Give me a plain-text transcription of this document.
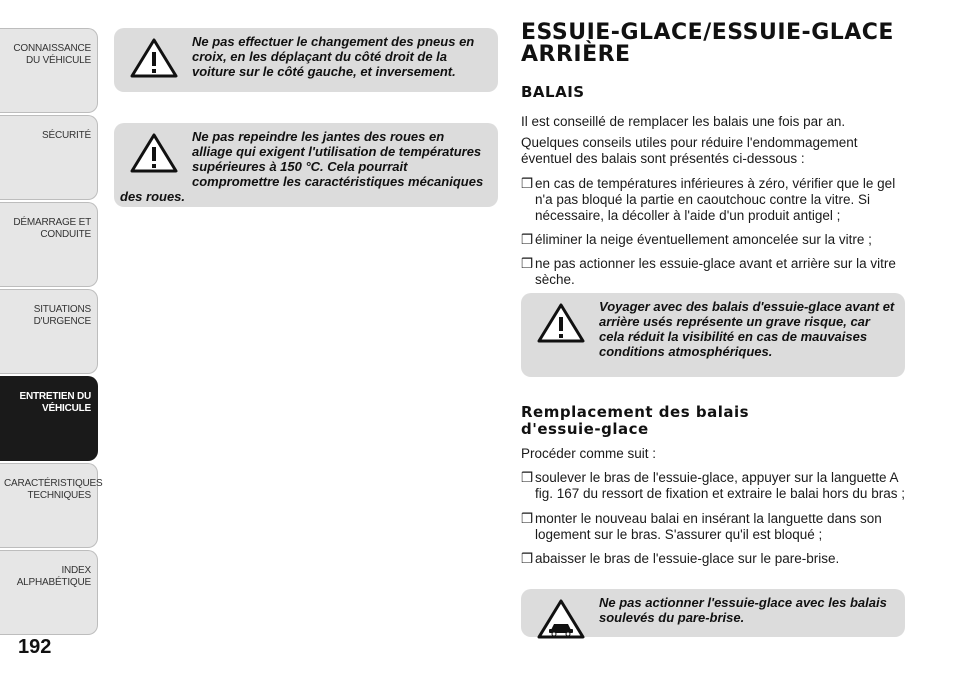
CONNAISSANCE DU VÉHICULE
SÉCURITÉ
DÉMARRAGE ET CONDUITE
SITUATIONS D'URGENCE
ENTRETIEN DU VÉHICULE
CARACTÉRISTIQUES TECHNIQUES
INDEX ALPHABÉTIQUE
192

Ne pas effectuer le changement des pneus en croix, en les déplaçant du côté droit de la voiture sur le côté gauche, et inversement.

Ne pas repeindre les jantes des roues en alliage qui exigent l'utilisation de températures supérieures à 150 °C. Cela pourrait compromettre les caractéristiques mécaniques des roues.

ESSUIE-GLACE/ESSUIE-GLACE ARRIÈRE
BALAIS

Il est conseillé de remplacer les balais une fois par an.

Quelques conseils utiles pour réduire l'endommagement éventuel des balais sont présentés ci-dessous :

❒ en cas de températures inférieures à zéro, vérifier que le gel n'a pas bloqué la partie en caoutchouc contre la vitre. Si nécessaire, la décoller à l'aide d'un produit antigel ;

❒ éliminer la neige éventuellement amoncelée sur la vitre ;

❒ ne pas actionner les essuie-glace avant et arrière sur la vitre sèche.

Voyager avec des balais d'essuie-glace avant et arrière usés représente un grave risque, car cela réduit la visibilité en cas de mauvaises conditions atmosphériques.

Remplacement des balais d'essuie-glace

Procéder comme suit :

❒ soulever le bras de l'essuie-glace, appuyer sur la languette A fig. 167 du ressort de fixation et extraire le balai hors du bras ;

❒ monter le nouveau balai en insérant la languette dans son logement sur le bras. S'assurer qu'il est bloqué ;

❒ abaisser le bras de l'essuie-glace sur le pare-brise.

Ne pas actionner l'essuie-glace avec les balais soulevés du pare-brise.
